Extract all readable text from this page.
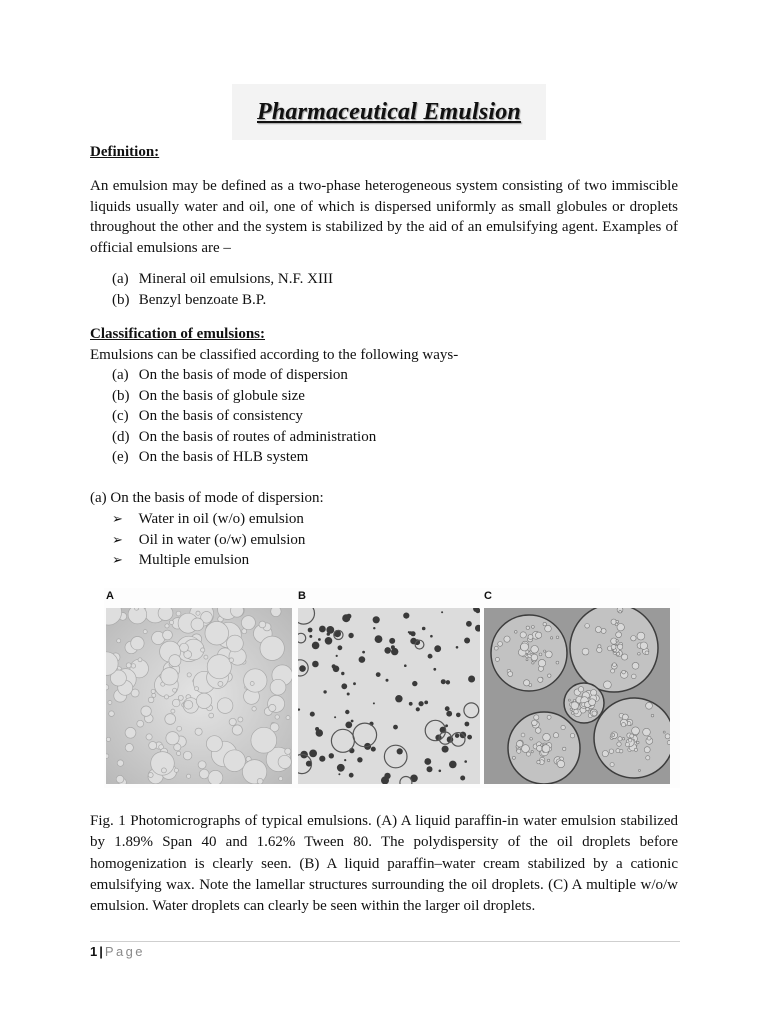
Pharmaceutical Emulsion
Definition:
An emulsion may be defined as a two-phase heterogeneous system consisting of two immiscible liquids usually water and oil, one of which is dispersed uniformly as small globules or droplets throughout the other and the system is stabilized by the aid of an emulsifying agent. Examples of official emulsions are –
(a) Mineral oil emulsions, N.F. XIII
(b) Benzyl benzoate B.P.
Classification of emulsions:
Emulsions can be classified according to the following ways-
(a) On the basis of mode of dispersion
(b) On the basis of globule size
(c) On the basis of consistency
(d) On the basis of routes of administration
(e) On the basis of HLB system
(a) On the basis of mode of dispersion:
➢ Water in oil (w/o) emulsion
➢ Oil in water (o/w) emulsion
➢ Multiple emulsion
A	B	C
Fig. 1 Photomicrographs of typical emulsions. (A) A liquid paraffin-in water emulsion stabilized by 1.89% Span 40 and 1.62% Tween 80. The polydispersity of the oil droplets before homogenization is clearly seen. (B) A liquid paraffin–water cream stabilized by a cationic emulsifying wax. Note the lamellar structures surrounding the oil droplets. (C) A multiple w/o/w emulsion. Water droplets can clearly be seen within the larger oil droplets.
1 | Page
